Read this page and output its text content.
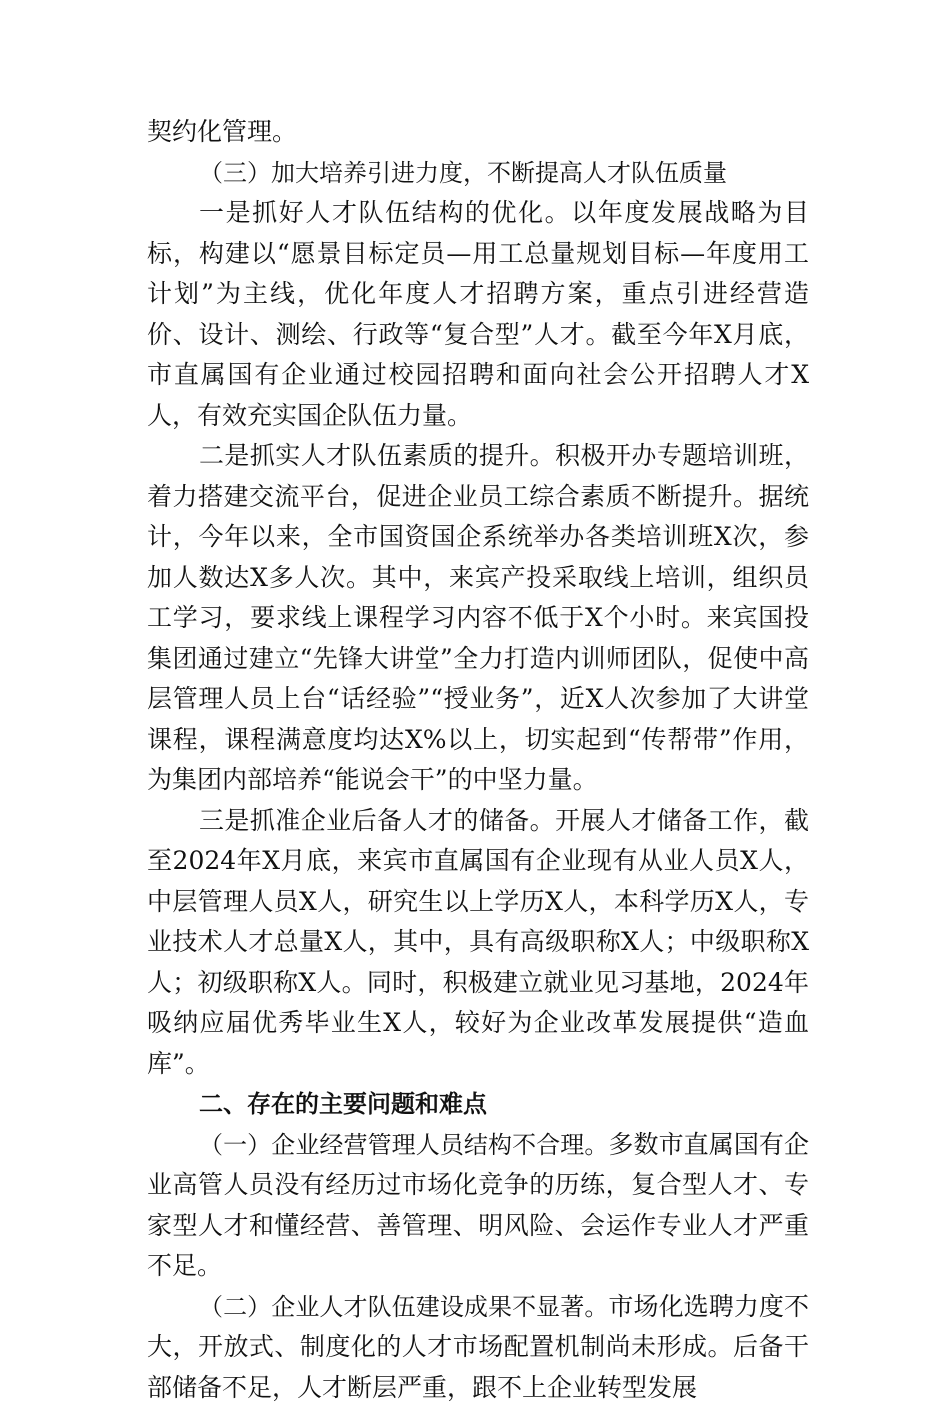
契约化管理。

（三）加大培养引进力度，不断提高人才队伍质量

一是抓好人才队伍结构的优化。以年度发展战略为目标，构建以“愿景目标定员—用工总量规划目标—年度用工计划”为主线，优化年度人才招聘方案，重点引进经营造价、设计、测绘、行政等“复合型”人才。截至今年X月底，市直属国有企业通过校园招聘和面向社会公开招聘人才X人，有效充实国企队伍力量。

二是抓实人才队伍素质的提升。积极开办专题培训班，着力搭建交流平台，促进企业员工综合素质不断提升。据统计，今年以来，全市国资国企系统举办各类培训班X次，参加人数达X多人次。其中，来宾产投采取线上培训，组织员工学习，要求线上课程学习内容不低于X个小时。来宾国投集团通过建立“先锋大讲堂”全力打造内训师团队，促使中高层管理人员上台“话经验”“授业务”，近X人次参加了大讲堂课程，课程满意度均达X%以上，切实起到“传帮带”作用，为集团内部培养“能说会干”的中坚力量。

三是抓准企业后备人才的储备。开展人才储备工作，截至2024年X月底，来宾市直属国有企业现有从业人员X人，中层管理人员X人，研究生以上学历X人，本科学历X人，专业技术人才总量X人，其中，具有高级职称X人；中级职称X人；初级职称X人。同时，积极建立就业见习基地，2024年吸纳应届优秀毕业生X人，较好为企业改革发展提供“造血库”。

二、存在的主要问题和难点

（一）企业经营管理人员结构不合理。多数市直属国有企业高管人员没有经历过市场化竞争的历练，复合型人才、专家型人才和懂经营、善管理、明风险、会运作专业人才严重不足。

（二）企业人才队伍建设成果不显著。市场化选聘力度不大，开放式、制度化的人才市场配置机制尚未形成。后备干部储备不足，人才断层严重，跟不上企业转型发展
